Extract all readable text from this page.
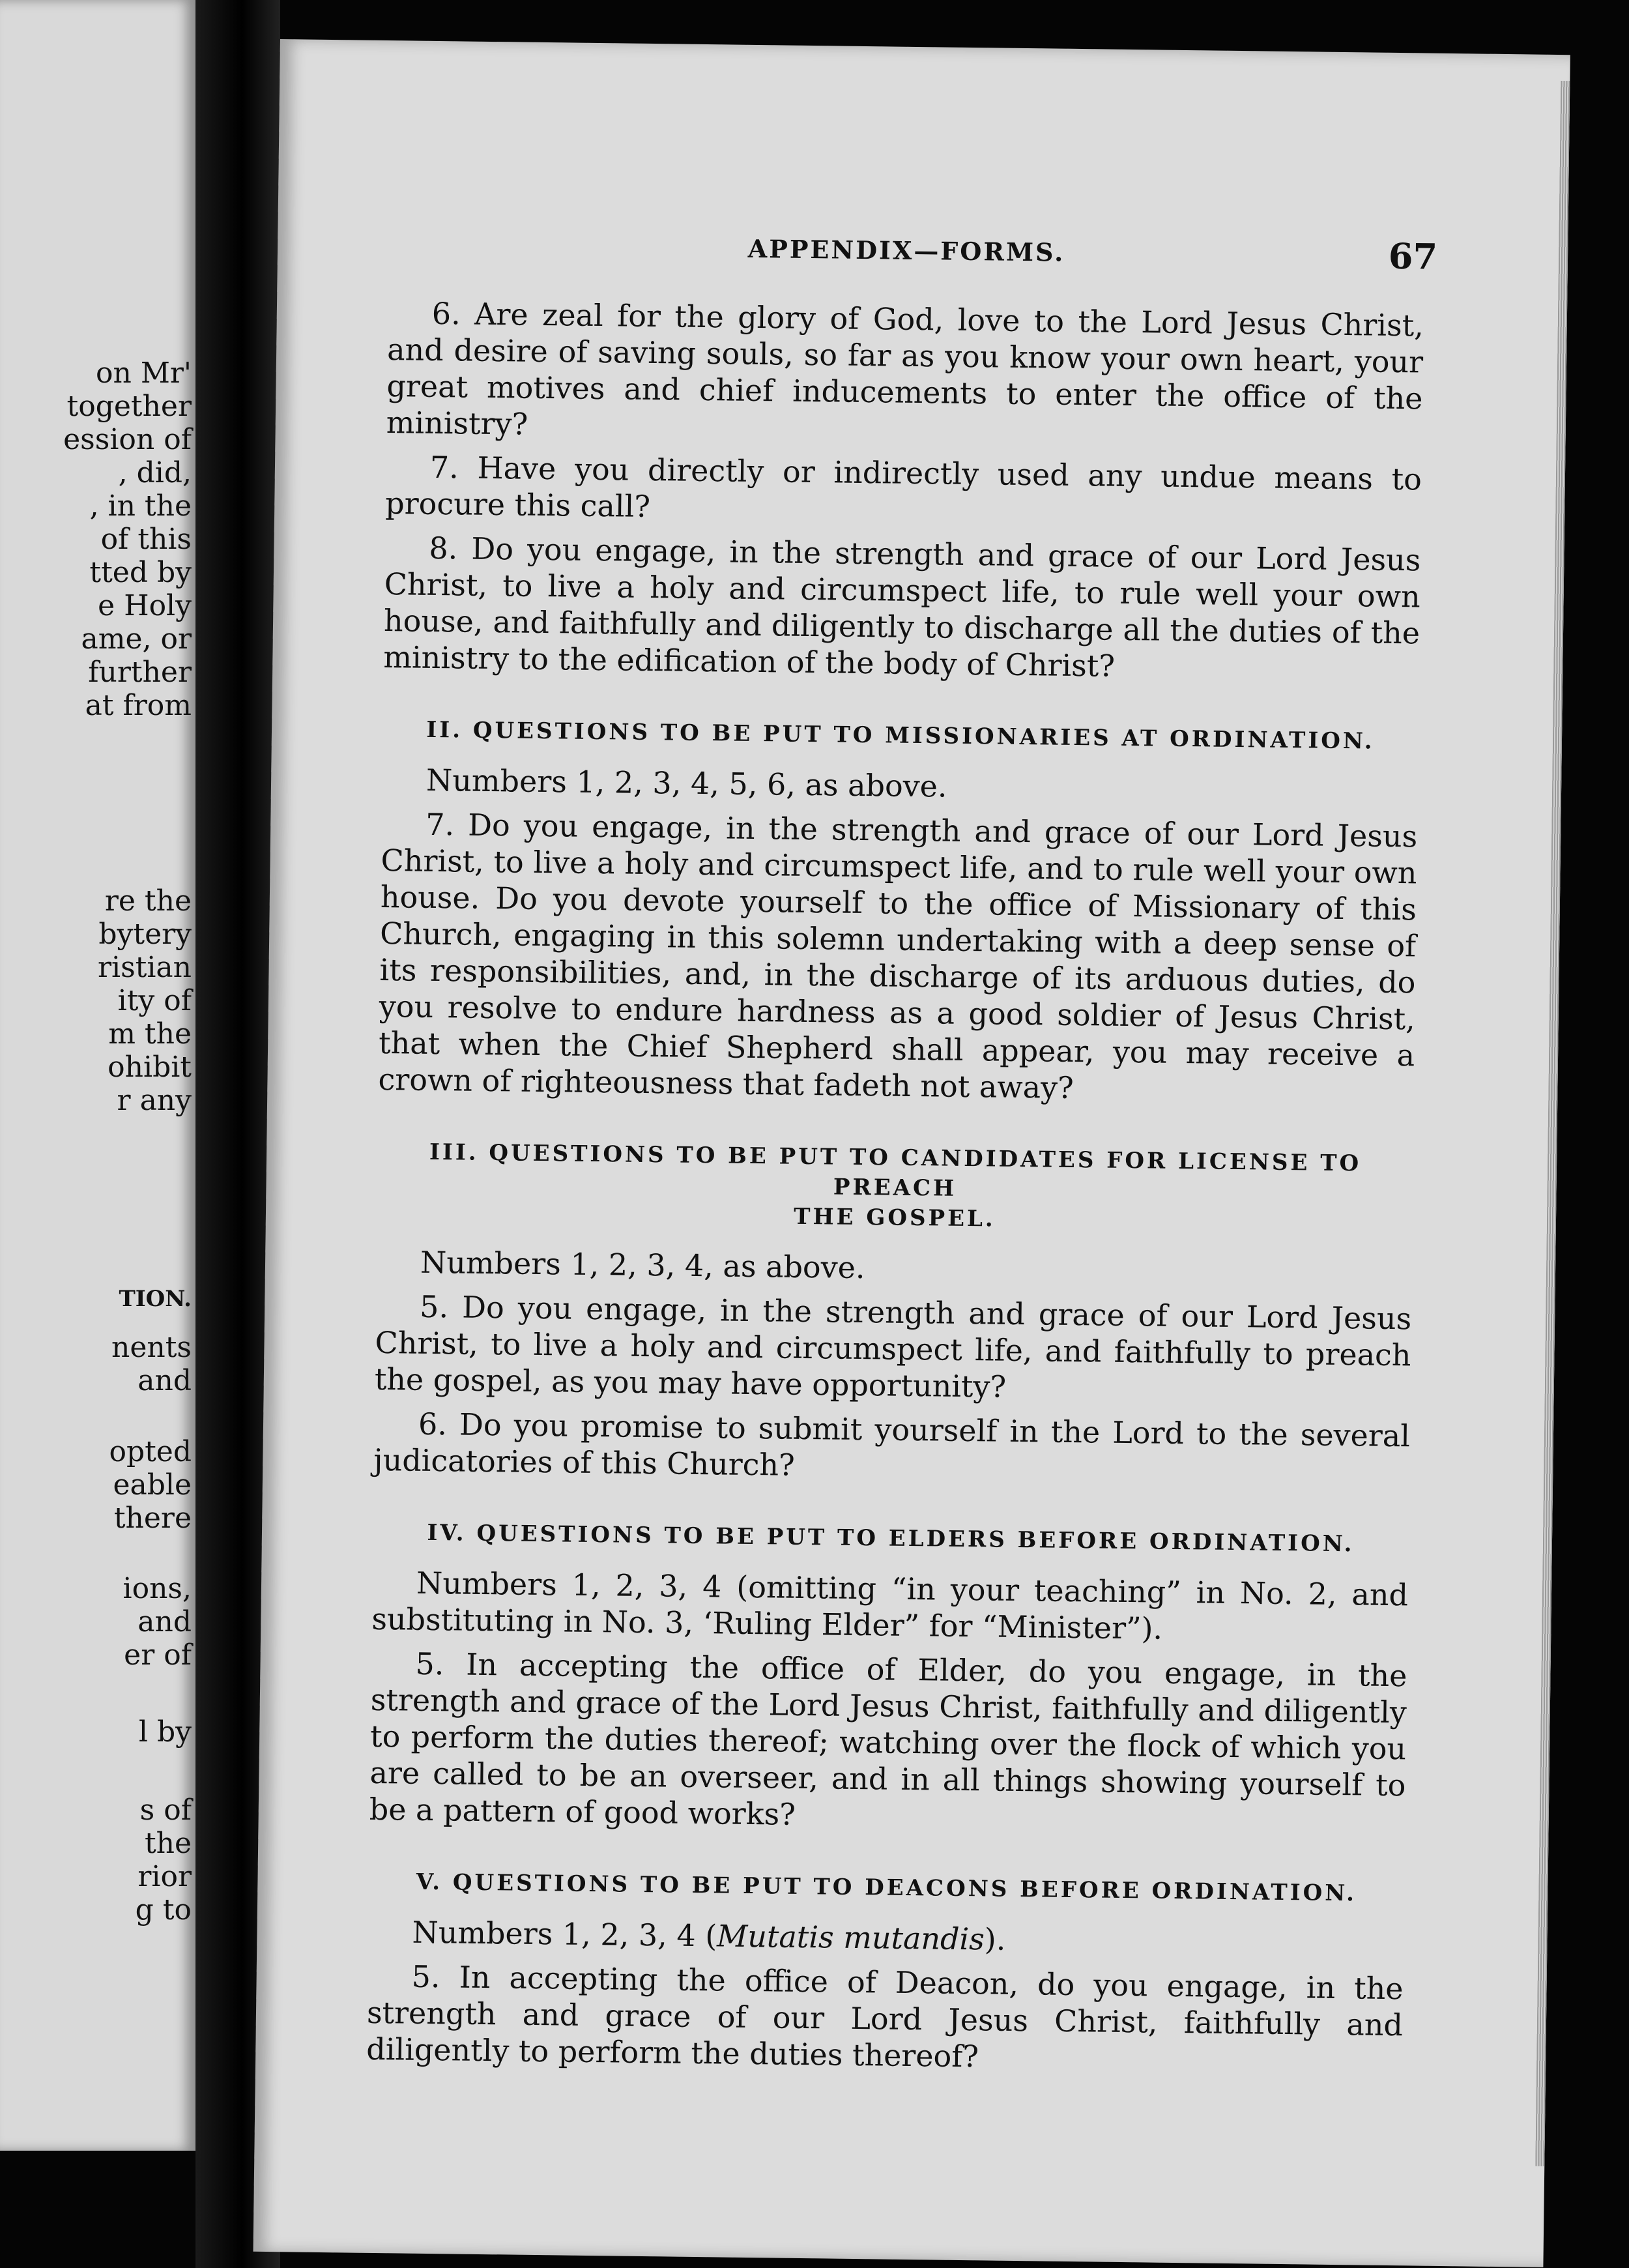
on Mr'
together
ession of
, did,
, in the
of this
tted by
e Holy
ame, or
further
at from
re the
bytery
ristian
ity of
m the
ohibit
r any
TION.
nents
and
opted
eable
there
ions,
and
er of
l by
s of
the
rior
g to
APPENDIX—FORMS.	67

6. Are zeal for the glory of God, love to the Lord Jesus Christ, and desire of saving souls, so far as you know your own heart, your great motives and chief inducements to enter the office of the ministry?

7. Have you directly or indirectly used any undue means to procure this call?

8. Do you engage, in the strength and grace of our Lord Jesus Christ, to live a holy and circumspect life, to rule well your own house, and faithfully and diligently to discharge all the duties of the ministry to the edification of the body of Christ?

II. QUESTIONS TO BE PUT TO MISSIONARIES AT ORDINATION.

Numbers 1, 2, 3, 4, 5, 6, as above.

7. Do you engage, in the strength and grace of our Lord Jesus Christ, to live a holy and circumspect life, and to rule well your own house. Do you devote yourself to the office of Missionary of this Church, engaging in this solemn undertaking with a deep sense of its responsibilities, and, in the discharge of its arduous duties, do you resolve to endure hardness as a good soldier of Jesus Christ, that when the Chief Shepherd shall appear, you may receive a crown of righteousness that fadeth not away?

III. QUESTIONS TO BE PUT TO CANDIDATES FOR LICENSE TO PREACH
THE GOSPEL.

Numbers 1, 2, 3, 4, as above.

5. Do you engage, in the strength and grace of our Lord Jesus Christ, to live a holy and circumspect life, and faithfully to preach the gospel, as you may have opportunity?

6. Do you promise to submit yourself in the Lord to the several judicatories of this Church?

IV. QUESTIONS TO BE PUT TO ELDERS BEFORE ORDINATION.

Numbers 1, 2, 3, 4 (omitting “in your teaching” in No. 2, and substituting in No. 3, ‘Ruling Elder” for “Minister”).

5. In accepting the office of Elder, do you engage, in the strength and grace of the Lord Jesus Christ, faithfully and diligently to perform the duties thereof; watching over the flock of which you are called to be an overseer, and in all things showing yourself to be a pattern of good works?

V. QUESTIONS TO BE PUT TO DEACONS BEFORE ORDINATION.

Numbers 1, 2, 3, 4 (Mutatis mutandis).

5. In accepting the office of Deacon, do you engage, in the strength and grace of our Lord Jesus Christ, faithfully and diligently to perform the duties thereof?
